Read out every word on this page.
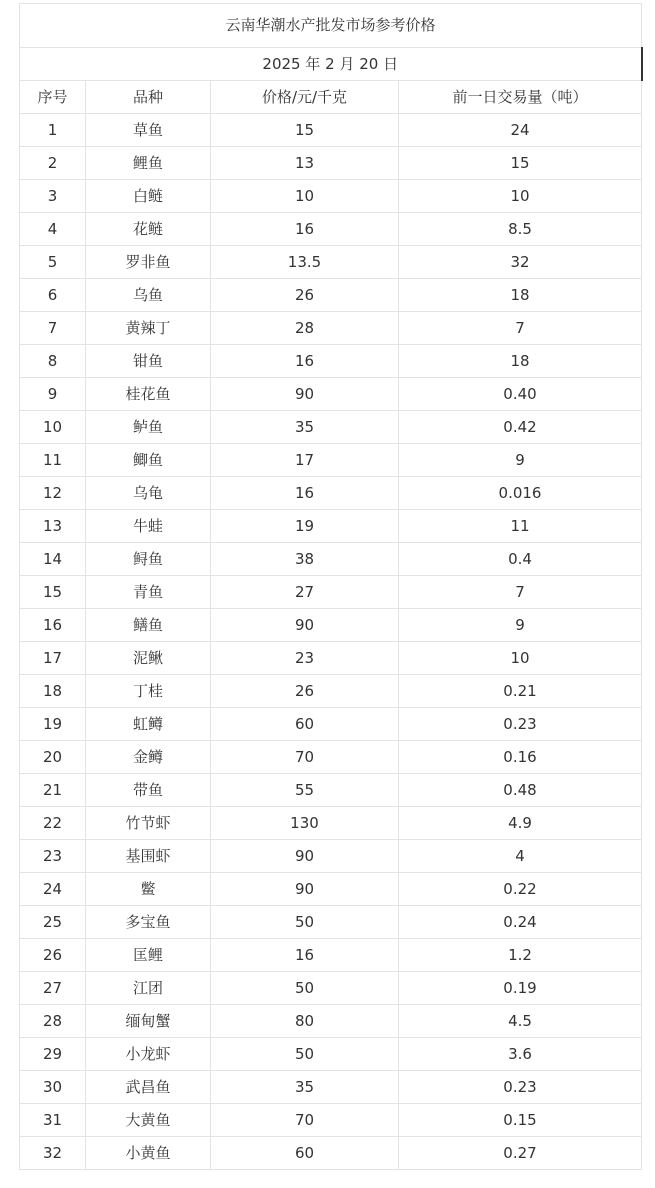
云南华潮水产批发市场参考价格			
2025 年 2 月 20 日			
序号	品种	价格/元/千克	前一日交易量（吨）
1	草鱼	15	24
2	鲤鱼	13	15
3	白鲢	10	10
4	花鲢	16	8.5
5	罗非鱼	13.5	32
6	乌鱼	26	18
7	黄辣丁	28	7
8	钳鱼	16	18
9	桂花鱼	90	0.40
10	鲈鱼	35	0.42
11	鲫鱼	17	9
12	乌龟	16	0.016
13	牛蛙	19	11
14	鲟鱼	38	0.4
15	青鱼	27	7
16	鳝鱼	90	9
17	泥鳅	23	10
18	丁桂	26	0.21
19	虹鳟	60	0.23
20	金鳟	70	0.16
21	带鱼	55	0.48
22	竹节虾	130	4.9
23	基围虾	90	4
24	鳖	90	0.22
25	多宝鱼	50	0.24
26	匡鲤	16	1.2
27	江团	50	0.19
28	缅甸蟹	80	4.5
29	小龙虾	50	3.6
30	武昌鱼	35	0.23
31	大黄鱼	70	0.15
32	小黄鱼	60	0.27
